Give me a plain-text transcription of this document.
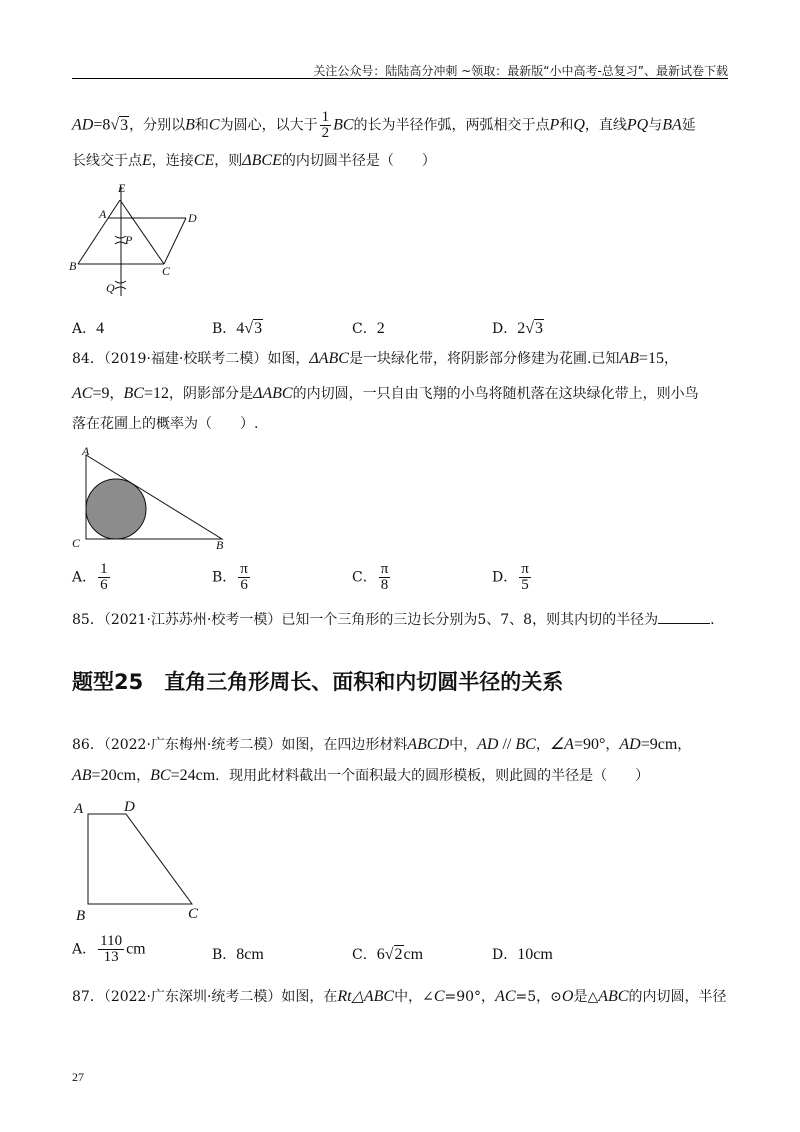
关注公众号：陆陆高分冲刺 ~领取：最新版“小中高考-总复习”、最新试卷下载
AD=8√3，分别以B和C为圆心，以大于 $\frac{1}{2}$ BC的长为半径作弧，两弧相交于点P和Q，直线PQ与BA延
长线交于点E，连接CE，则ΔBCE的内切圆半径是（　　）
E
A	D
P
B	C
Q
A．4	B．4√3	C．2	D．2√3
84．（2019·福建·校联考二模）如图，ΔABC是一块绿化带，将阴影部分修建为花圃.已知AB=15，
AC=9，BC=12，阴影部分是ΔABC的内切圆，一只自由飞翔的小鸟将随机落在这块绿化带上，则小鸟
落在花圃上的概率为（　　）.
A
C	B
A． $\frac{1}{6}$	B． $\frac{\pi}{6}$	C． $\frac{\pi}{8}$	D． $\frac{\pi}{5}$
85．（2021·江苏苏州·校考一模）已知一个三角形的三边长分别为5、7、8，则其内切的半径为	.
题型25　直角三角形周长、面积和内切圆半径的关系
86．（2022·广东梅州·统考二模）如图，在四边形材料ABCD中，AD // BC，∠A=90°，AD=9cm，
AB=20cm，BC=24cm．现用此材料截出一个面积最大的圆形模板，则此圆的半径是（　　）
A	D
B	C
A． $\frac{110}{13}$ cm	B．8cm	C．6√2cm	D．10cm
87．（2022·广东深圳·统考二模）如图，在Rt△ABC中，∠C=90°，AC=5，⊙O是△ABC的内切圆，半径
27
